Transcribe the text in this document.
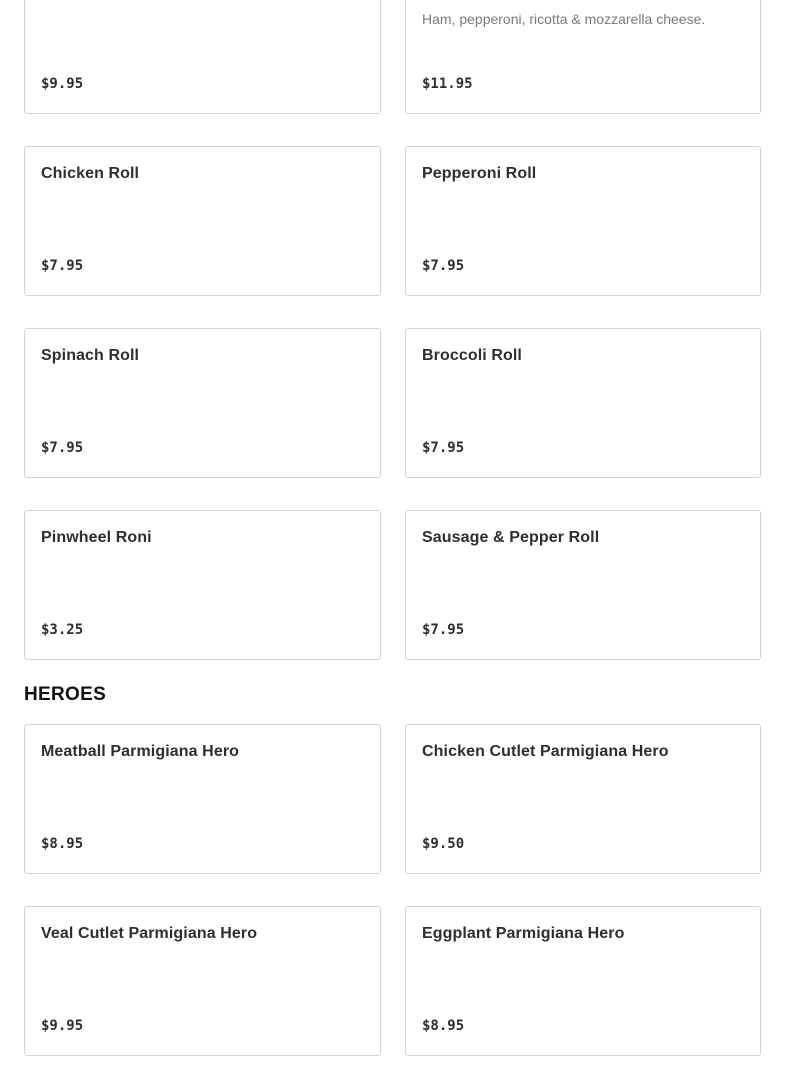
$9.95
Ham, pepperoni, ricotta & mozzarella cheese.
$11.95
Chicken Roll
$7.95
Pepperoni Roll
$7.95
Spinach Roll
$7.95
Broccoli Roll
$7.95
Pinwheel Roni
$3.25
Sausage & Pepper Roll
$7.95
HEROES
Meatball Parmigiana Hero
$8.95
Chicken Cutlet Parmigiana Hero
$9.50
Veal Cutlet Parmigiana Hero
$9.95
Eggplant Parmigiana Hero
$8.95
